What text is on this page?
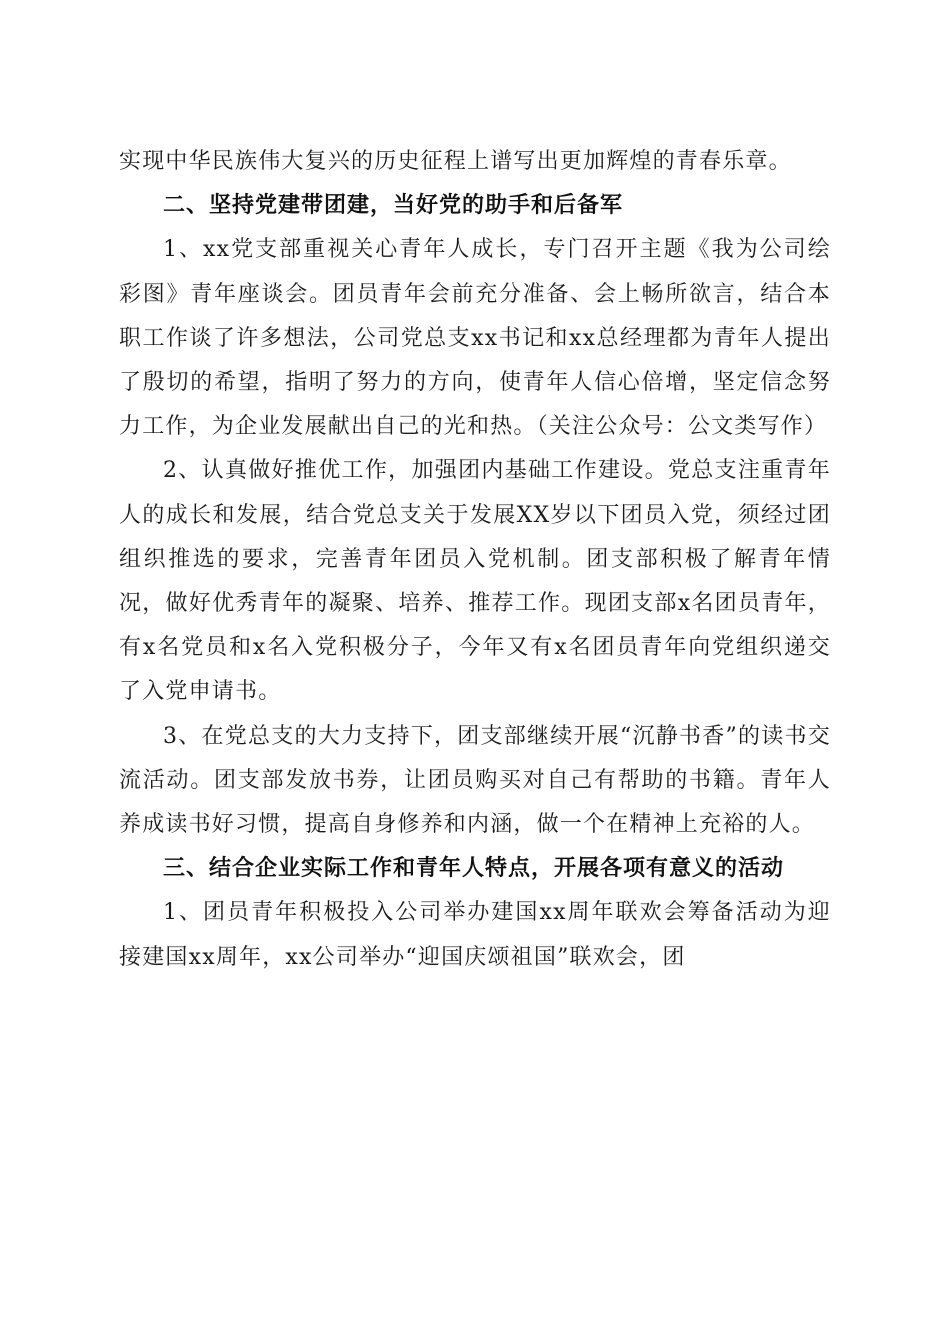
实现中华民族伟大复兴的历史征程上谱写出更加辉煌的青春乐章。

二、坚持党建带团建，当好党的助手和后备军

1、xx党支部重视关心青年人成长，专门召开主题《我为公司绘彩图》青年座谈会。团员青年会前充分准备、会上畅所欲言，结合本职工作谈了许多想法，公司党总支xx书记和xx总经理都为青年人提出了殷切的希望，指明了努力的方向，使青年人信心倍增，坚定信念努力工作，为企业发展献出自己的光和热。（关注公众号：公文类写作）

2、认真做好推优工作，加强团内基础工作建设。党总支注重青年人的成长和发展，结合党总支关于发展XX岁以下团员入党，须经过团组织推选的要求，完善青年团员入党机制。团支部积极了解青年情况，做好优秀青年的凝聚、培养、推荐工作。现团支部x名团员青年，有x名党员和x名入党积极分子，今年又有x名团员青年向党组织递交了入党申请书。

3、在党总支的大力支持下，团支部继续开展“沉静书香”的读书交流活动。团支部发放书券，让团员购买对自己有帮助的书籍。青年人养成读书好习惯，提高自身修养和内涵，做一个在精神上充裕的人。

三、结合企业实际工作和青年人特点，开展各项有意义的活动

1、团员青年积极投入公司举办建国xx周年联欢会筹备活动为迎接建国xx周年，xx公司举办“迎国庆颂祖国”联欢会，团
